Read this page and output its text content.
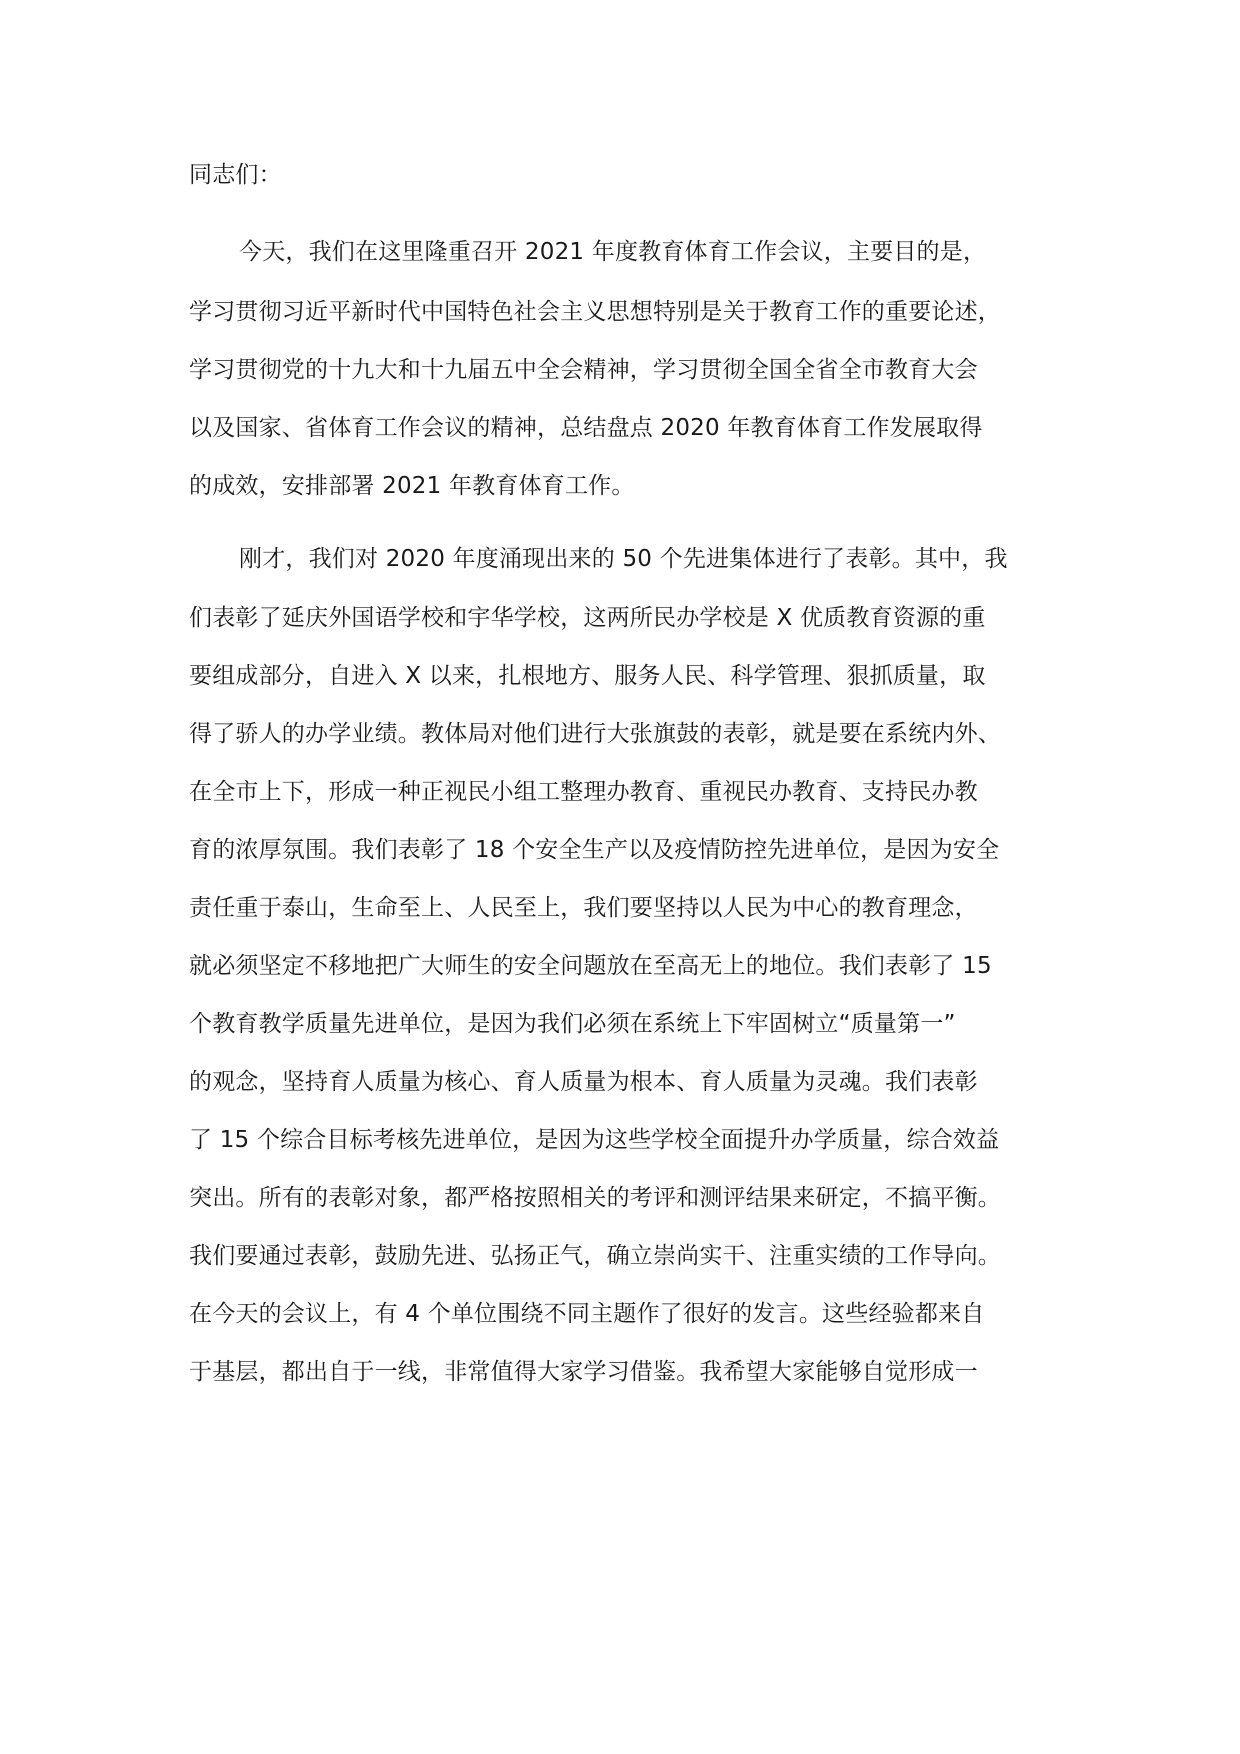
同志们：
今天，我们在这里隆重召开 2021 年度教育体育工作会议，主要目的是，
学习贯彻习近平新时代中国特色社会主义思想特别是关于教育工作的重要论述，
学习贯彻党的十九大和十九届五中全会精神，学习贯彻全国全省全市教育大会
以及国家、省体育工作会议的精神，总结盘点 2020 年教育体育工作发展取得
的成效，安排部署 2021 年教育体育工作。
刚才，我们对 2020 年度涌现出来的 50 个先进集体进行了表彰。其中，我
们表彰了延庆外国语学校和宇华学校，这两所民办学校是 X 优质教育资源的重
要组成部分，自进入 X 以来，扎根地方、服务人民、科学管理、狠抓质量，取
得了骄人的办学业绩。教体局对他们进行大张旗鼓的表彰，就是要在系统内外、
在全市上下，形成一种正视民小组工整理办教育、重视民办教育、支持民办教
育的浓厚氛围。我们表彰了 18 个安全生产以及疫情防控先进单位，是因为安全
责任重于泰山，生命至上、人民至上，我们要坚持以人民为中心的教育理念，
就必须坚定不移地把广大师生的安全问题放在至高无上的地位。我们表彰了 15
个教育教学质量先进单位，是因为我们必须在系统上下牢固树立“质量第一”
的观念，坚持育人质量为核心、育人质量为根本、育人质量为灵魂。我们表彰
了 15 个综合目标考核先进单位，是因为这些学校全面提升办学质量，综合效益
突出。所有的表彰对象，都严格按照相关的考评和测评结果来研定，不搞平衡。
我们要通过表彰，鼓励先进、弘扬正气，确立崇尚实干、注重实绩的工作导向。
在今天的会议上，有 4 个单位围绕不同主题作了很好的发言。这些经验都来自
于基层，都出自于一线，非常值得大家学习借鉴。我希望大家能够自觉形成一
